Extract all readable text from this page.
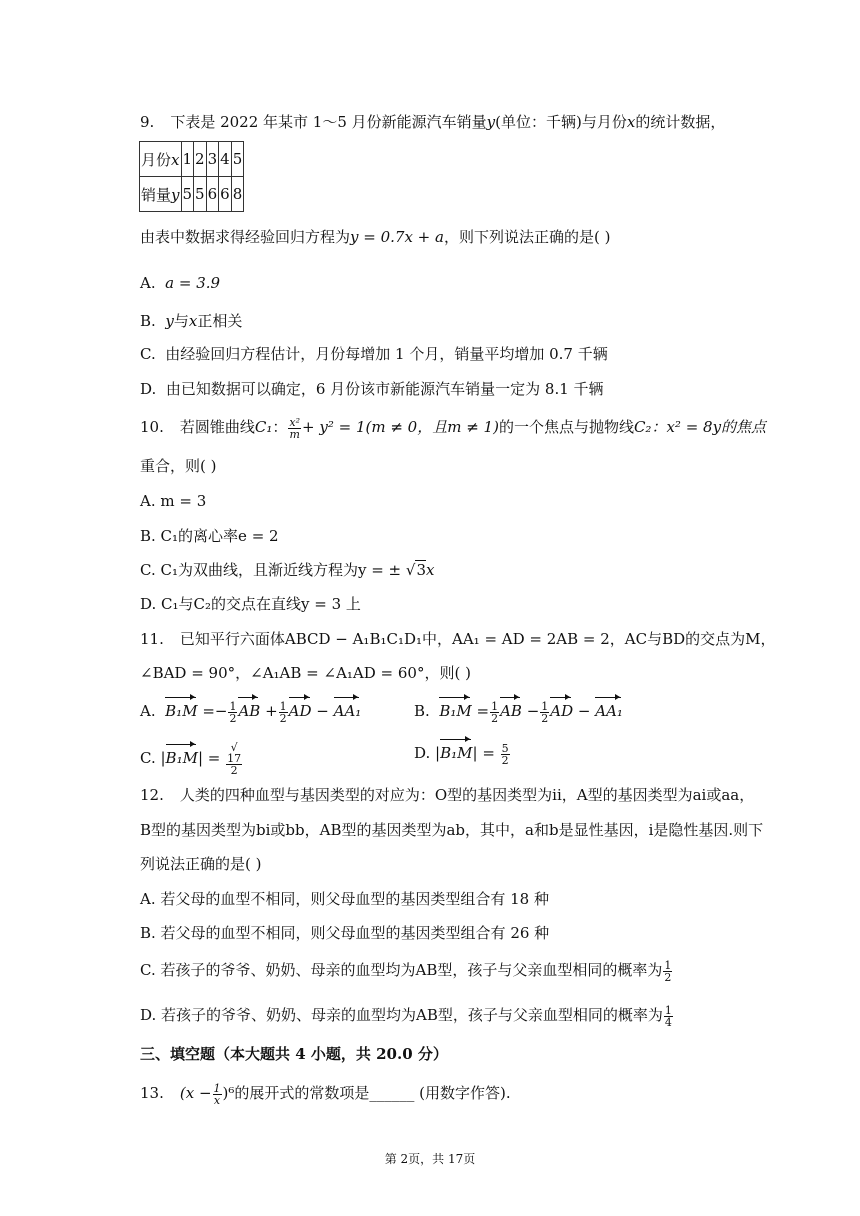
9. 下表是 2022 年某市 1～5 月份新能源汽车销量y(单位：千辆)与月份x的统计数据，
月份x	1	2	3	4	5
销量y	5	5	6	6	8
由表中数据求得经验回归方程为y = 0.7x + a，则下列说法正确的是( )
A. a = 3.9
B. y与x正相关
C. 由经验回归方程估计，月份每增加 1 个月，销量平均增加 0.7 千辆
D. 由已知数据可以确定，6 月份该市新能源汽车销量一定为 8.1 千辆
10. 若圆锥曲线C₁： $\frac{\text{x²}}{m} + y^2 = 1(m \ne 0$，且m ≠ 1)的一个焦点与抛物线C₂：x² = 8y的焦点
重合，则( )
A. m = 3
B. C₁的离心率e = 2
C. C₁为双曲线，且渐近线方程为y = ± √3x
D. C₁与C₂的交点在直线y = 3 上
11. 已知平行六面体ABCD − A₁B₁C₁D₁中，AA₁ = AD = 2AB = 2，AC与BD的交点为M，
∠BAD = 90°，∠A₁AB = ∠A₁AD = 60°，则( )
A. $B_1M =- \frac{1}{2}$ AB + $\frac{1}{2}$ AD − AA₁	B. $B_1M = \frac{1}{2}$ AB − $\frac{1}{2}$ AD − AA₁
C. |B₁M| = √
17
2	D. $|B_1M| = \frac{5}{2}$
12. 人类的四种血型与基因类型的对应为：O型的基因类型为ii，A型的基因类型为ai或aa，
B型的基因类型为bi或bb，AB型的基因类型为ab，其中，a和b是显性基因，i是隐性基因.则下
列说法正确的是( )
A. 若父母的血型不相同，则父母血型的基因类型组合有 18 种
B. 若父母的血型不相同，则父母血型的基因类型组合有 26 种
C. 若孩子的爷爷、奶奶、母亲的血型均为AB型，孩子与父亲血型相同的概率为 $\frac{1}{2}$
D. 若孩子的爷爷、奶奶、母亲的血型均为AB型，孩子与父亲血型相同的概率为 $\frac{1}{4}$
三、填空题（本大题共 4 小题，共 20.0 分）
13. $(x - \frac{1}{x} )^6$的展开式的常数项是______ (用数字作答).
第 2页，共 17页
